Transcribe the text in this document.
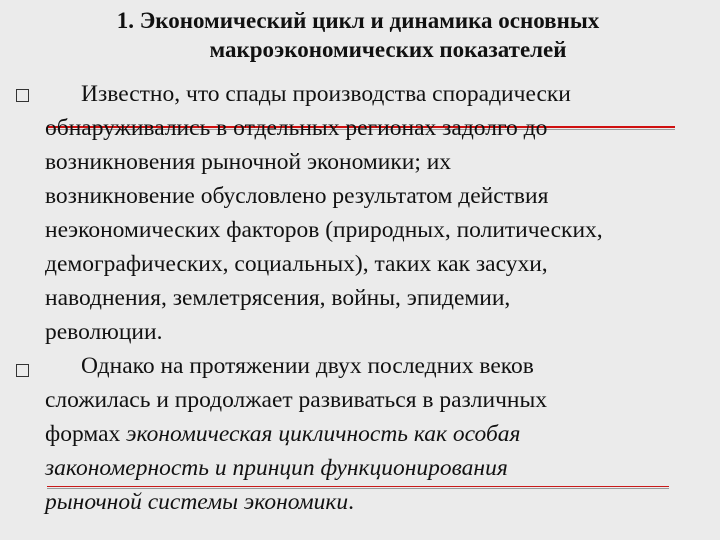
1. Экономический цикл и динамика основных
макроэкономических показателей
Известно, что спады производства спорадически
обнаруживались в отдельных регионах задолго до
возникновения рыночной экономики; их
возникновение обусловлено результатом действия
неэкономических факторов (природных, политических,
демографических, социальных), таких как засухи,
наводнения, землетрясения, войны, эпидемии,
революции.
Однако на протяжении двух последних веков
сложилась и продолжает развиваться в различных
формах экономическая цикличность как особая
закономерность и принцип функционирования
рыночной системы экономики.
